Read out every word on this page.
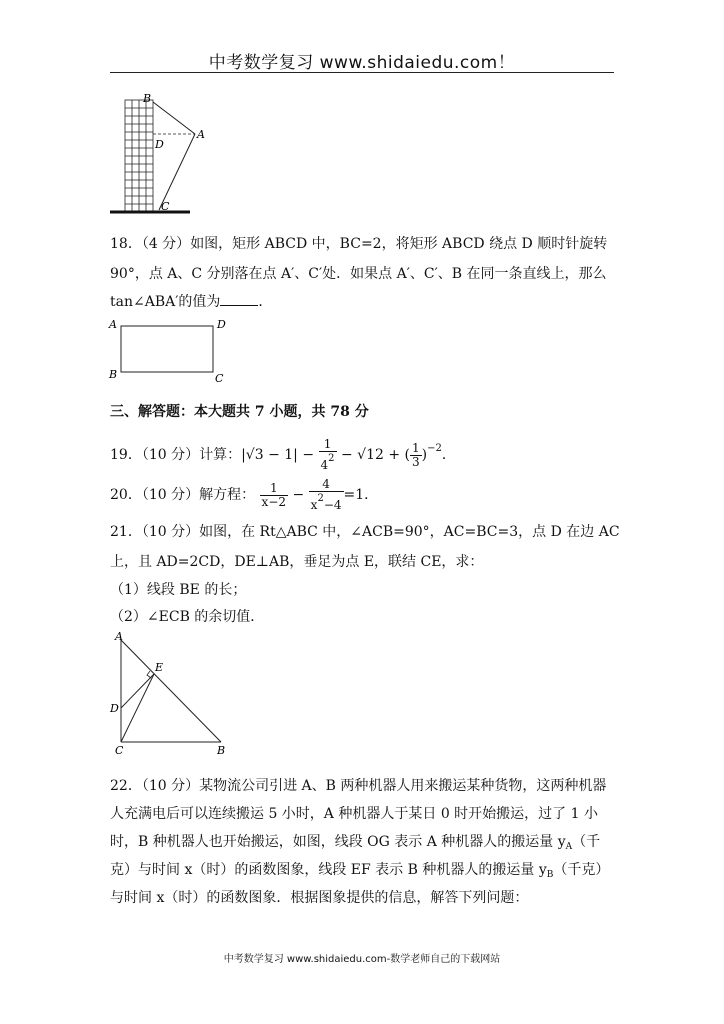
中考数学复习 www.shidaiedu.com！
B
A
D
C
18．（4 分）如图，矩形 ABCD 中，BC=2，将矩形 ABCD 绕点 D 顺时针旋转
90°，点 A、C 分别落在点 A′、C′处．如果点 A′、C′、B 在同一条直线上，那么
tan∠ABA′的值为	．
A	D
B	C
三、解答题：本大题共 7 小题，共 78 分
19．（10 分）计算：$|√3 - 1| - \frac{1}{4^2} - √12$ + ( $\frac{1}{3} )^{-2}$．
20．（10 分）解方程： $\frac{1}{x-2} - \frac{4}{x^2-4} =1$．
21．（10 分）如图，在 Rt△ABC 中，∠ACB=90°，AC=BC=3，点 D 在边 AC
上，且 AD=2CD，DE⊥AB，垂足为点 E，联结 CE，求：
（1）线段 BE 的长；
（2）∠ECB 的余切值．
A
E
D
C	B
22．（10 分）某物流公司引进 A、B 两种机器人用来搬运某种货物，这两种机器
人充满电后可以连续搬运 5 小时，A 种机器人于某日 0 时开始搬运，过了 1 小
时，B 种机器人也开始搬运，如图，线段 OG 表示 A 种机器人的搬运量 $y_A$（千
克）与时间 x（时）的函数图象，线段 EF 表示 B 种机器人的搬运量 $y_B$（千克）
与时间 x（时）的函数图象．根据图象提供的信息，解答下列问题：
中考数学复习 www.shidaiedu.com-数学老师自己的下载网站
